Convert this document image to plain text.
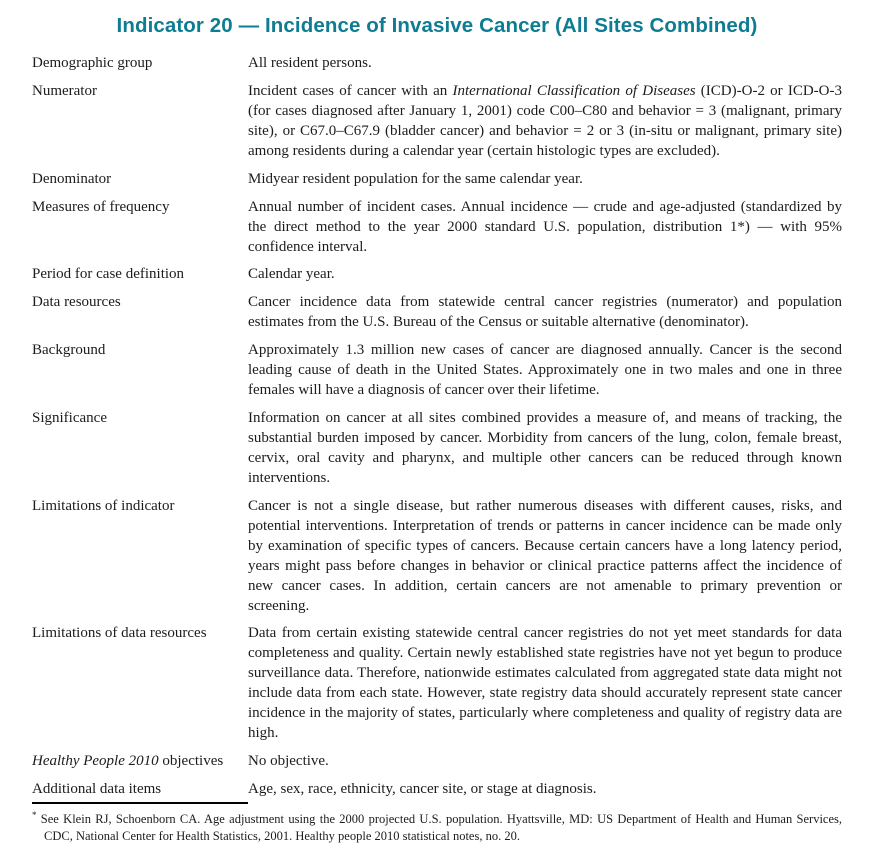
Indicator 20 — Incidence of Invasive Cancer (All Sites Combined)
Demographic group	All resident persons.
Numerator	Incident cases of cancer with an International Classification of Diseases (ICD)-O-2 or ICD-O-3 (for cases diagnosed after January 1, 2001) code C00–C80 and behavior = 3 (malignant, primary site), or C67.0–C67.9 (bladder cancer) and behavior = 2 or 3 (in-situ or malignant, primary site) among residents during a calendar year (certain histologic types are excluded).
Denominator	Midyear resident population for the same calendar year.
Measures of frequency	Annual number of incident cases. Annual incidence — crude and age-adjusted (standardized by the direct method to the year 2000 standard U.S. population, distribution 1*) — with 95% confidence interval.
Period for case definition	Calendar year.
Data resources	Cancer incidence data from statewide central cancer registries (numerator) and population estimates from the U.S. Bureau of the Census or suitable alternative (denominator).
Background	Approximately 1.3 million new cases of cancer are diagnosed annually. Cancer is the second leading cause of death in the United States. Approximately one in two males and one in three females will have a diagnosis of cancer over their lifetime.
Significance	Information on cancer at all sites combined provides a measure of, and means of tracking, the substantial burden imposed by cancer. Morbidity from cancers of the lung, colon, female breast, cervix, oral cavity and pharynx, and multiple other cancers can be reduced through known interventions.
Limitations of indicator	Cancer is not a single disease, but rather numerous diseases with different causes, risks, and potential interventions. Interpretation of trends or patterns in cancer incidence can be made only by examination of specific types of cancers. Because certain cancers have a long latency period, years might pass before changes in behavior or clinical practice patterns affect the incidence of new cancer cases. In addition, certain cancers are not amenable to primary prevention or screening.
Limitations of data resources	Data from certain existing statewide central cancer registries do not yet meet standards for data completeness and quality. Certain newly established state registries have not yet begun to produce surveillance data. Therefore, nationwide estimates calculated from aggregated state data might not include data from each state. However, state registry data should accurately represent state cancer incidence in the majority of states, particularly where completeness and quality of registry data are high.
Healthy People 2010 objectives	No objective.
Additional data items	Age, sex, race, ethnicity, cancer site, or stage at diagnosis.
* See Klein RJ, Schoenborn CA. Age adjustment using the 2000 projected U.S. population. Hyattsville, MD: US Department of Health and Human Services, CDC, National Center for Health Statistics, 2001. Healthy people 2010 statistical notes, no. 20.
